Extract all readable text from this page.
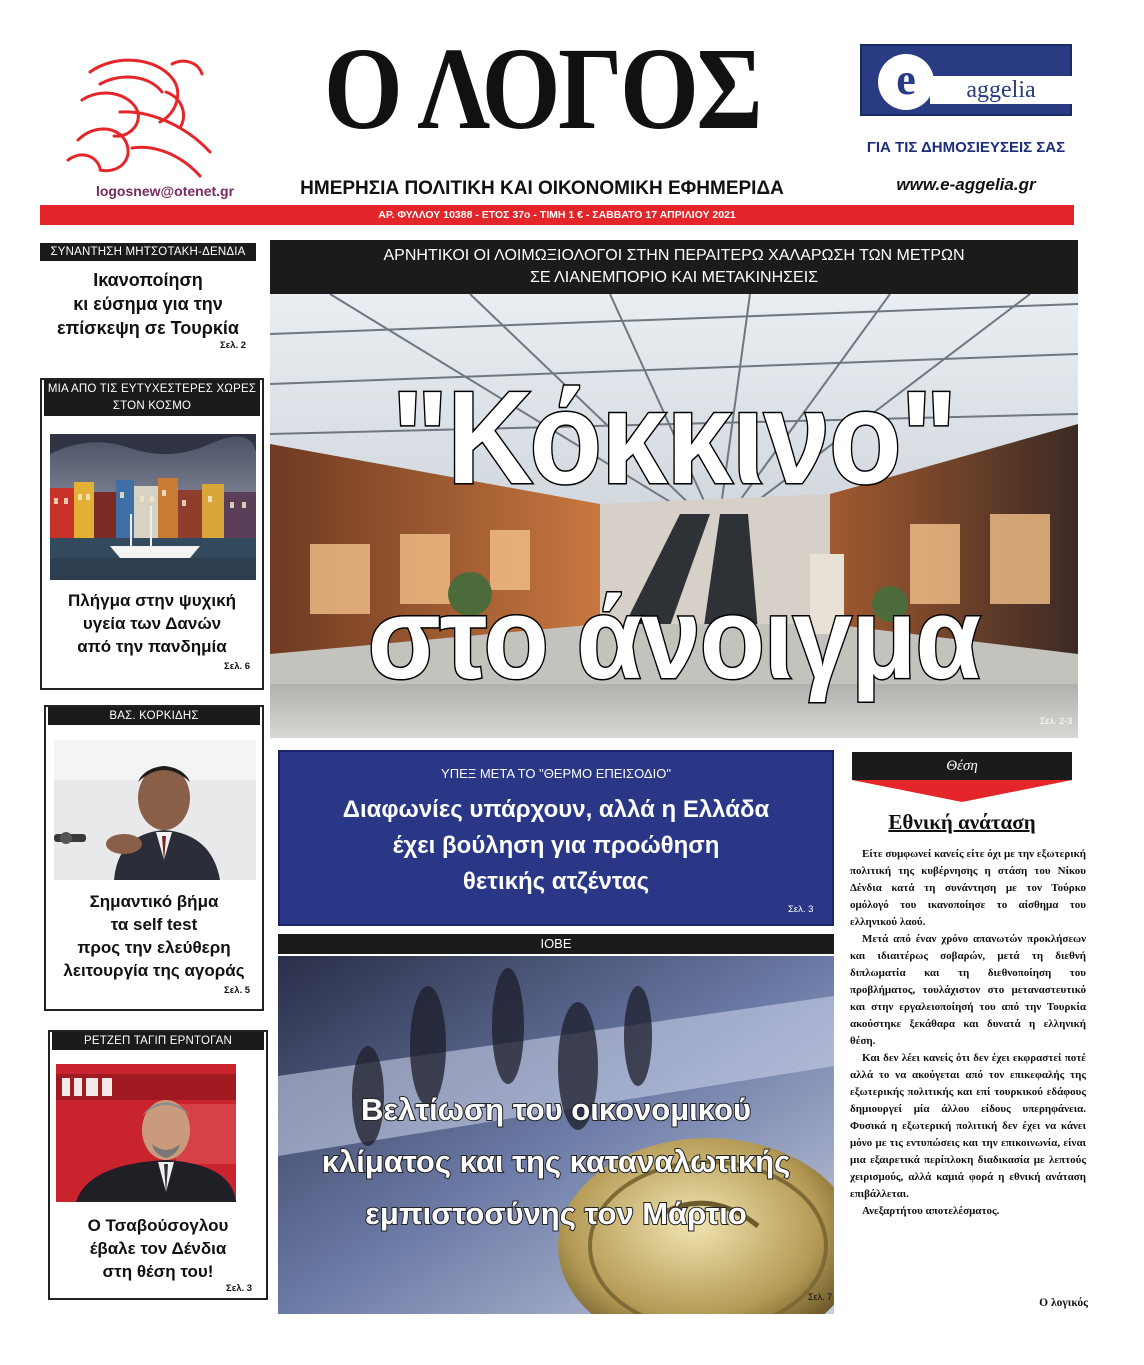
logosnew@otenet.gr
Ο ΛΟΓΟΣ
ΗΜΕΡΗΣΙΑ ΠΟΛΙΤΙΚΗ ΚΑΙ ΟΙΚΟΝΟΜΙΚΗ ΕΦΗΜΕΡΙΔΑ
e	aggelia
ΓΙΑ ΤΙΣ ΔΗΜΟΣΙΕΥΣΕΙΣ ΣΑΣ
www.e-aggelia.gr
ΑΡ. ΦΥΛΛΟΥ 10388 - ΕΤΟΣ 37ο - ΤΙΜΗ 1 € - ΣΑΒΒΑΤΟ 17 ΑΠΡΙΛΙΟΥ 2021
ΣΥΝΑΝΤΗΣΗ ΜΗΤΣΟΤΑΚΗ-ΔΕΝΔΙΑ
Ικανοποίηση
κι εύσημα για την
επίσκεψη σε Τουρκία
Σελ. 2
ΜΙΑ ΑΠΟ ΤΙΣ ΕΥΤΥΧΕΣΤΕΡΕΣ ΧΩΡΕΣ
ΣΤΟΝ ΚΟΣΜΟ
Πλήγμα στην ψυχική
υγεία των Δανών
από την πανδημία
Σελ. 6
ΒΑΣ. ΚΟΡΚΙΔΗΣ
Σημαντικό βήμα
τα self test
προς την ελεύθερη
λειτουργία της αγοράς
Σελ. 5
ΡΕΤΖΕΠ ΤΑΓΙΠ ΕΡΝΤΟΓΑΝ
Ο Τσαβούσογλου
έβαλε τον Δένδια
στη θέση του!
Σελ. 3
ΑΡΝΗΤΙΚΟΙ ΟΙ ΛΟΙΜΩΞΙΟΛΟΓΟΙ ΣΤΗΝ ΠΕΡΑΙΤΕΡΩ ΧΑΛΑΡΩΣΗ ΤΩΝ ΜΕΤΡΩΝ
ΣΕ ΛΙΑΝΕΜΠΟΡΙΟ ΚΑΙ ΜΕΤΑΚΙΝΗΣΕΙΣ
"Κόκκινο"
στο άνοιγμα
Σελ. 2-3
ΥΠΕΞ ΜΕΤΑ ΤΟ "ΘΕΡΜΟ ΕΠΕΙΣΟΔΙΟ"
Διαφωνίες υπάρχουν, αλλά η Ελλάδα
έχει βούληση για προώθηση
θετικής ατζέντας
Σελ. 3
ΙΟΒΕ
Βελτίωση του οικονομικού
κλίματος και της καταναλωτικής
εμπιστοσύνης τον Μάρτιο
Σελ. 7
Θέση
Εθνική ανάταση

Είτε συμφωνεί κανείς είτε όχι με την εξωτερική πολιτική της κυβέρνησης η στάση του Νίκου Δένδια κατά τη συνάντηση με τον Τούρκο ομόλογό του ικανοποίησε το αίσθημα του ελληνικού λαού.

Μετά από έναν χρόνο απανωτών προκλήσεων και ιδιαιτέρως σοβαρών, μετά τη διεθνή διπλωματία και τη διεθνοποίηση του προβλήματος, τουλάχιστον στο μεταναστευτικό και στην εργαλειοποίησή του από την Τουρκία ακούστηκε ξεκάθαρα και δυνατά η ελληνική θέση.

Και δεν λέει κανείς ότι δεν έχει εκφραστεί ποτέ αλλά το να ακούγεται από τον επικεφαλής της εξωτερικής πολιτικής και επί τουρκικού εδάφους δημιουργεί μία άλλου είδους υπερηφάνεια. Φυσικά η εξωτερική πολιτική δεν έχει να κάνει μόνο με τις εντυπώσεις και την επικοινωνία, είναι μια εξαιρετικά περίπλοκη διαδικασία με λεπτούς χειρισμούς, αλλά καμιά φορά η εθνική ανάταση επιβάλλεται.

Ανεξαρτήτου αποτελέσματος.

Ο λογικός
